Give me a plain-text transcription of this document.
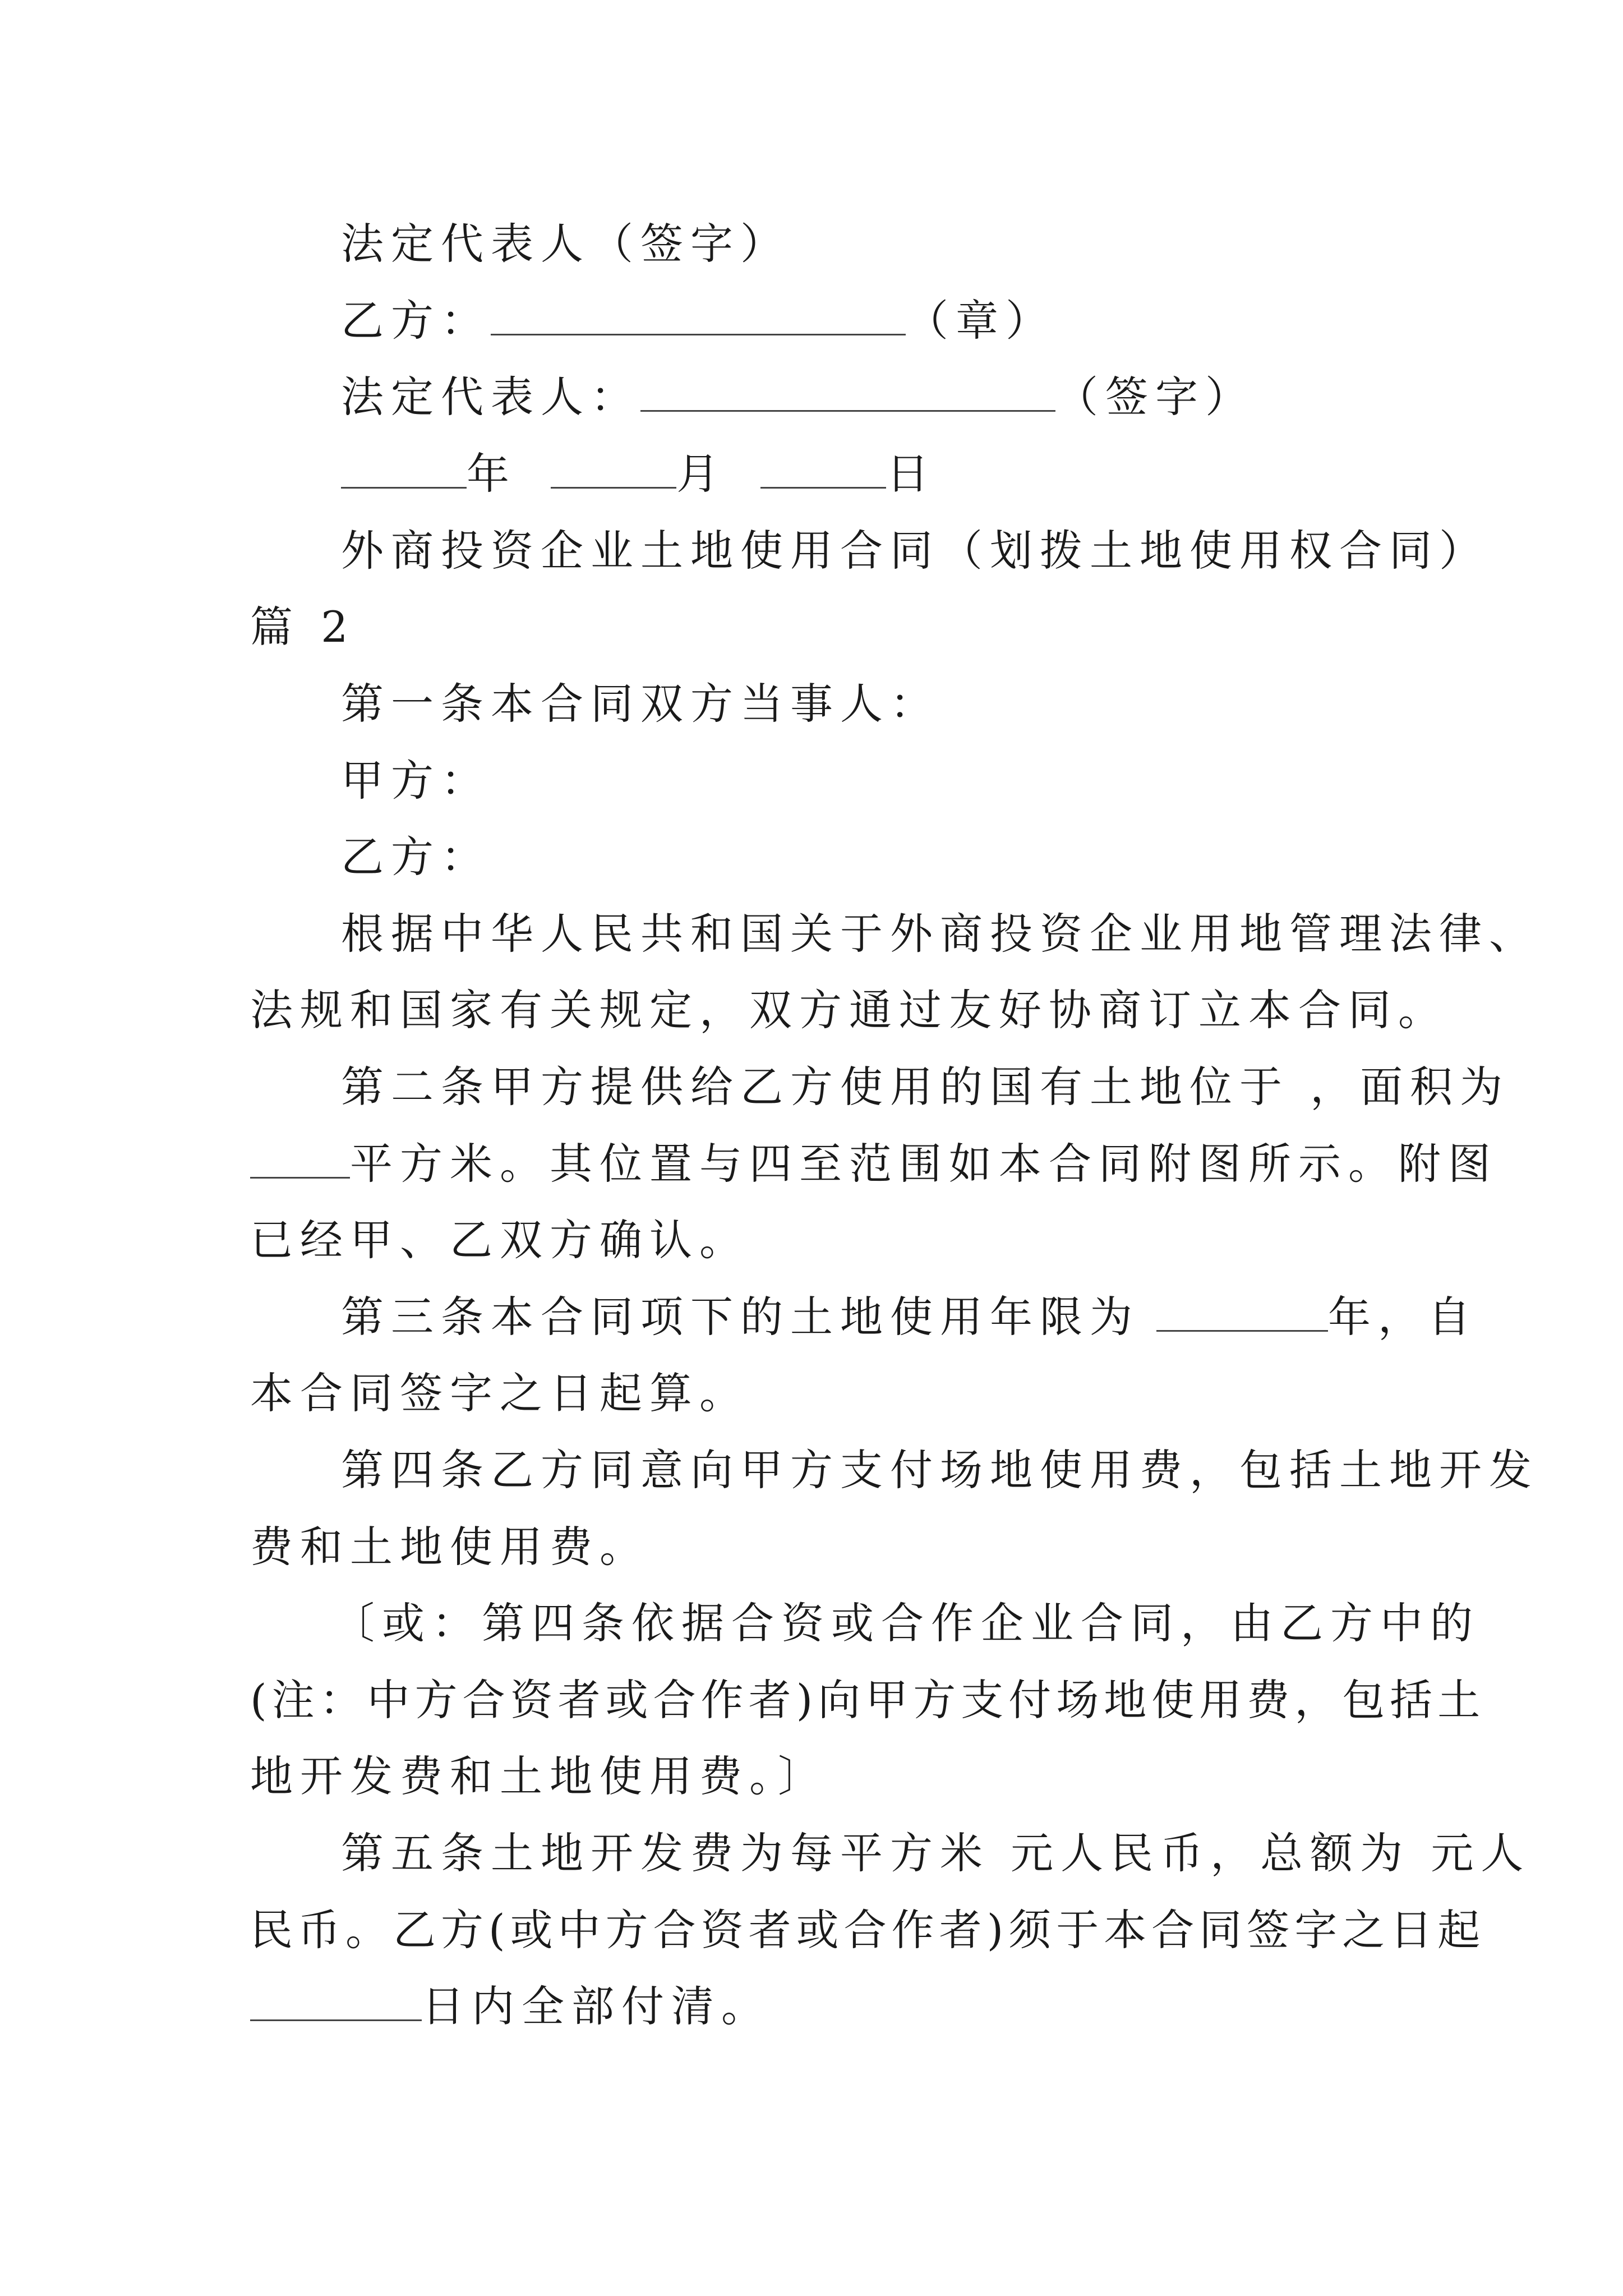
法定代表人（签字）
乙方：	（章）
法定代表人：	（签字）
年	月	日
外商投资企业土地使用合同（划拨土地使用权合同）
篇 2
第一条本合同双方当事人：
甲方：
乙方：
根据中华人民共和国关于外商投资企业用地管理法律、
法规和国家有关规定，双方通过友好协商订立本合同。
第二条甲方提供给乙方使用的国有土地位于 ，面积为
平方米。其位置与四至范围如本合同附图所示。附图
已经甲、乙双方确认。
第三条本合同项下的土地使用年限为	年，自
本合同签字之日起算。
第四条乙方同意向甲方支付场地使用费，包括土地开发
费和土地使用费。
〔或：第四条依据合资或合作企业合同，由乙方中的
(注：中方合资者或合作者)向甲方支付场地使用费，包括土
地开发费和土地使用费。〕
第五条土地开发费为每平方米 元人民币，总额为 元人
民币。乙方(或中方合资者或合作者)须于本合同签字之日起
日内全部付清。
